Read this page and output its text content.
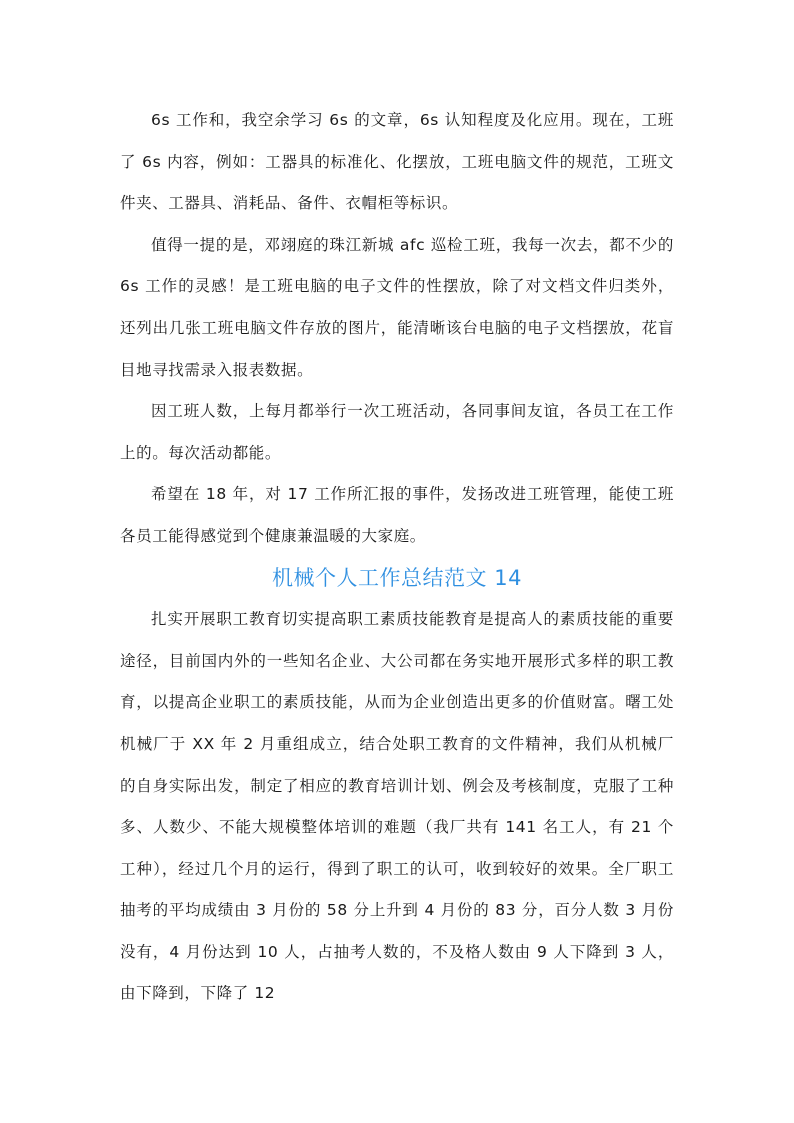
6s 工作和，我空余学习 6s 的文章，6s 认知程度及化应用。现在，工班了 6s 内容，例如：工器具的标准化、化摆放，工班电脑文件的规范，工班文件夹、工器具、消耗品、备件、衣帽柜等标识。

值得一提的是，邓翊庭的珠江新城 afc 巡检工班，我每一次去，都不少的 6s 工作的灵感！是工班电脑的电子文件的性摆放，除了对文档文件归类外，还列出几张工班电脑文件存放的图片，能清晰该台电脑的电子文档摆放，花盲目地寻找需录入报表数据。

因工班人数，上每月都举行一次工班活动，各同事间友谊，各员工在工作上的。每次活动都能。

希望在 18 年，对 17 工作所汇报的事件，发扬改进工班管理，能使工班各员工能得感觉到个健康兼温暖的大家庭。

机械个人工作总结范文 14

扎实开展职工教育切实提高职工素质技能教育是提高人的素质技能的重要途径，目前国内外的一些知名企业、大公司都在务实地开展形式多样的职工教育，以提高企业职工的素质技能，从而为企业创造出更多的价值财富。曙工处机械厂于 XX 年 2 月重组成立，结合处职工教育的文件精神，我们从机械厂的自身实际出发，制定了相应的教育培训计划、例会及考核制度，克服了工种多、人数少、不能大规模整体培训的难题（我厂共有 141 名工人，有 21 个工种），经过几个月的运行，得到了职工的认可，收到较好的效果。全厂职工抽考的平均成绩由 3 月份的 58 分上升到 4 月份的 83 分，百分人数 3 月份没有，4 月份达到 10 人，占抽考人数的，不及格人数由 9 人下降到 3 人，由下降到，下降了 12
